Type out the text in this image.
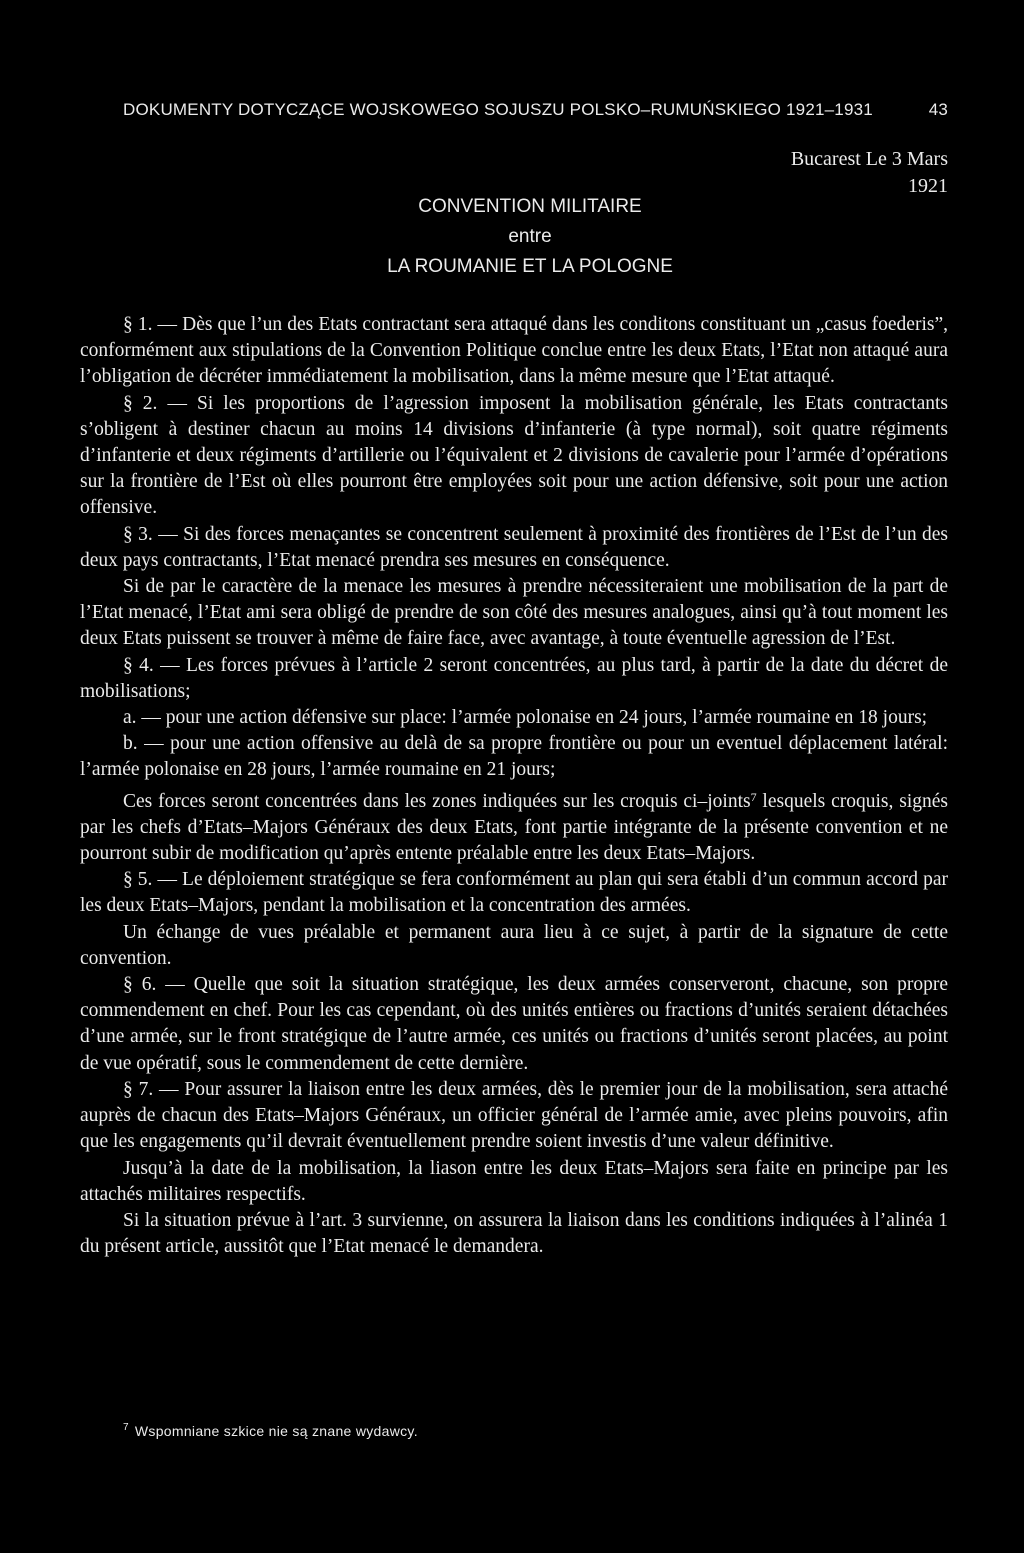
DOKUMENTY DOTYCZĄCE WOJSKOWEGO SOJUSZU POLSKO–RUMUŃSKIEGO 1921–1931	43
Bucarest Le 3 Mars
1921
CONVENTION MILITAIRE
entre
LA ROUMANIE ET LA POLOGNE

§ 1. — Dès que l’un des Etats contractant sera attaqué dans les conditons constituant un „casus foederis”, conformément aux stipulations de la Convention Politique conclue entre les deux Etats, l’Etat non attaqué aura l’obligation de décréter immédiatement la mobilisation, dans la même mesure que l’Etat attaqué.

§ 2. — Si les proportions de l’agression imposent la mobilisation générale, les Etats contractants s’obligent à destiner chacun au moins 14 divisions d’infanterie (à type normal), soit quatre régiments d’infanterie et deux régiments d’artillerie ou l’équivalent et 2 divisions de cavalerie pour l’armée d’opérations sur la frontière de l’Est où elles pourront être employées soit pour une action défensive, soit pour une action offensive.

§ 3. — Si des forces menaçantes se concentrent seulement à proximité des frontières de l’Est de l’un des deux pays contractants, l’Etat menacé prendra ses mesures en conséquence.

Si de par le caractère de la menace les mesures à prendre nécessiteraient une mobilisation de la part de l’Etat menacé, l’Etat ami sera obligé de prendre de son côté des mesures analogues, ainsi qu’à tout moment les deux Etats puissent se trouver à même de faire face, avec avantage, à toute éventuelle agression de l’Est.

§ 4. — Les forces prévues à l’article 2 seront concentrées, au plus tard, à partir de la date du décret de mobilisations;

a. — pour une action défensive sur place: l’armée polonaise en 24 jours, l’armée roumaine en 18 jours;

b. — pour une action offensive au delà de sa propre frontière ou pour un eventuel déplacement latéral: l’armée polonaise en 28 jours, l’armée roumaine en 21 jours;

Ces forces seront concentrées dans les zones indiquées sur les croquis ci–joints$^7$ lesquels croquis, signés par les chefs d’Etats–Majors Généraux des deux Etats, font partie intégrante de la présente convention et ne pourront subir de modification qu’après entente préalable entre les deux Etats–Majors.

§ 5. — Le déploiement stratégique se fera conformément au plan qui sera établi d’un commun accord par les deux Etats–Majors, pendant la mobilisation et la concentration des armées.

Un échange de vues préalable et permanent aura lieu à ce sujet, à partir de la signature de cette convention.

§ 6. — Quelle que soit la situation stratégique, les deux armées conserveront, chacune, son propre commendement en chef. Pour les cas cependant, où des unités entières ou fractions d’unités seraient détachées d’une armée, sur le front stratégique de l’autre armée, ces unités ou fractions d’unités seront placées, au point de vue opératif, sous le commendement de cette dernière.

§ 7. — Pour assurer la liaison entre les deux armées, dès le premier jour de la mobilisation, sera attaché auprès de chacun des Etats–Majors Généraux, un officier général de l’armée amie, avec pleins pouvoirs, afin que les engagements qu’il devrait éventuellement prendre soient investis d’une valeur définitive.

Jusqu’à la date de la mobilisation, la liason entre les deux Etats–Majors sera faite en principe par les attachés militaires respectifs.

Si la situation prévue à l’art. 3 survienne, on assurera la liaison dans les conditions indiquées à l’alinéa 1 du présent article, aussitôt que l’Etat menacé le demandera.

$^7$ Wspomniane szkice nie są znane wydawcy.
